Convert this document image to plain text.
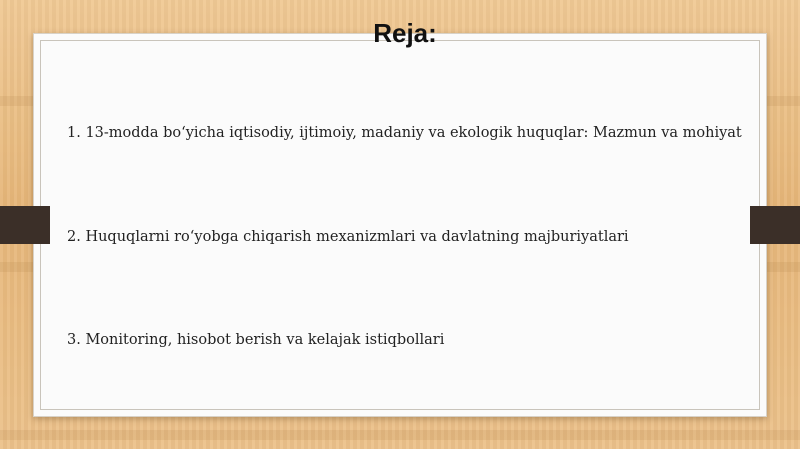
Reja:

1. 13-modda bo‘yicha iqtisodiy, ijtimoiy, madaniy va ekologik huquqlar: Mazmun va mohiyat

2. Huquqlarni ro‘yobga chiqarish mexanizmlari va davlatning majburiyatlari

3. Monitoring, hisobot berish va kelajak istiqbollari
